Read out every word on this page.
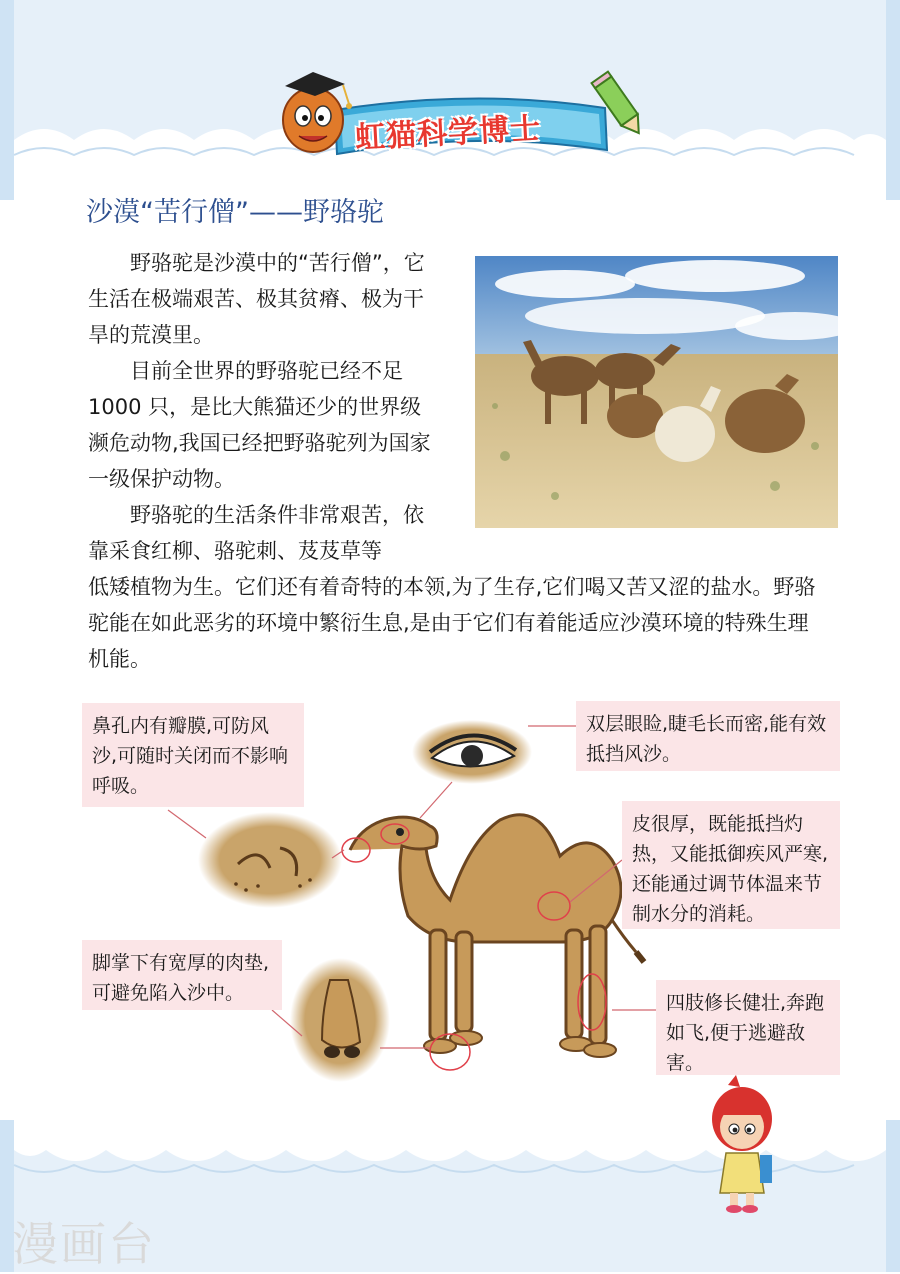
虹猫科学博士
沙漠“苦行僧”——野骆驼
野骆驼是沙漠中的“苦行僧”，它生活在极端艰苦、极其贫瘠、极为干旱的荒漠里。
目前全世界的野骆驼已经不足 1000 只，是比大熊猫还少的世界级濒危动物,我国已经把野骆驼列为国家一级保护动物。
野骆驼的生活条件非常艰苦，依靠采食红柳、骆驼刺、芨芨草等
低矮植物为生。它们还有着奇特的本领,为了生存,它们喝又苦又涩的盐水。野骆驼能在如此恶劣的环境中繁衍生息,是由于它们有着能适应沙漠环境的特殊生理机能。
鼻孔内有瓣膜,可防风沙,可随时关闭而不影响呼吸。
双层眼睑,睫毛长而密,能有效抵挡风沙。
皮很厚，既能抵挡灼热，又能抵御疾风严寒,还能通过调节体温来节制水分的消耗。
脚掌下有宽厚的肉垫,可避免陷入沙中。	四肢修长健壮,奔跑如飞,便于逃避敌害。
漫画台
